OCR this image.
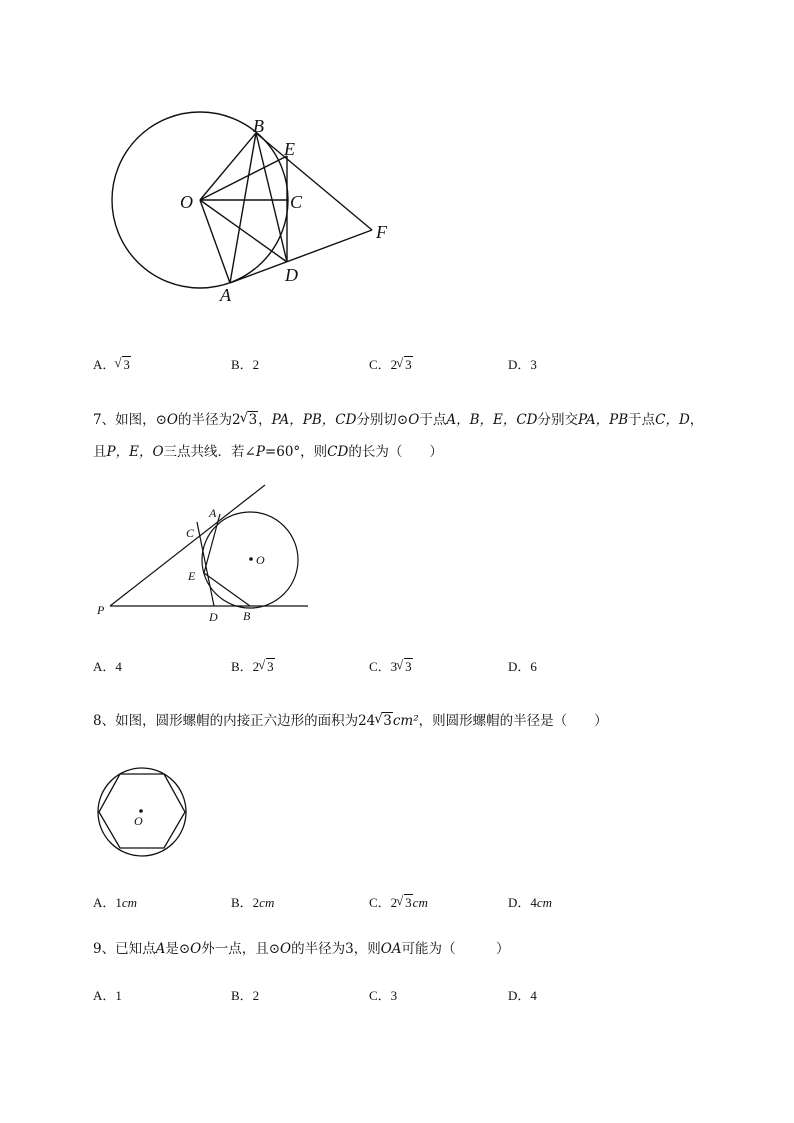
B
E
O	C
F
D
A
A． √ 3	B．2	C．2 √ 3	D．3
7、如图，⊙O的半径为2 √ 3，PA，PB，CD分别切⊙O于点A，B，E，CD分别交PA，PB于点C，D，
且P，E，O三点共线．若∠P=60°，则CD的长为（　　）
A
C
O
E
P	D B
A．4	B．2 √ 3	C．3 √ 3	D．6
8、如图，圆形螺帽的内接正六边形的面积为24 √ 3cm²，则圆形螺帽的半径是（　　）
O
A．1cm	B．2cm	C．2 √ 3cm	D．4cm
9、已知点A是⊙O外一点，且⊙O的半径为3，则OA可能为（　　　）
A．1	B．2	C．3	D．4
